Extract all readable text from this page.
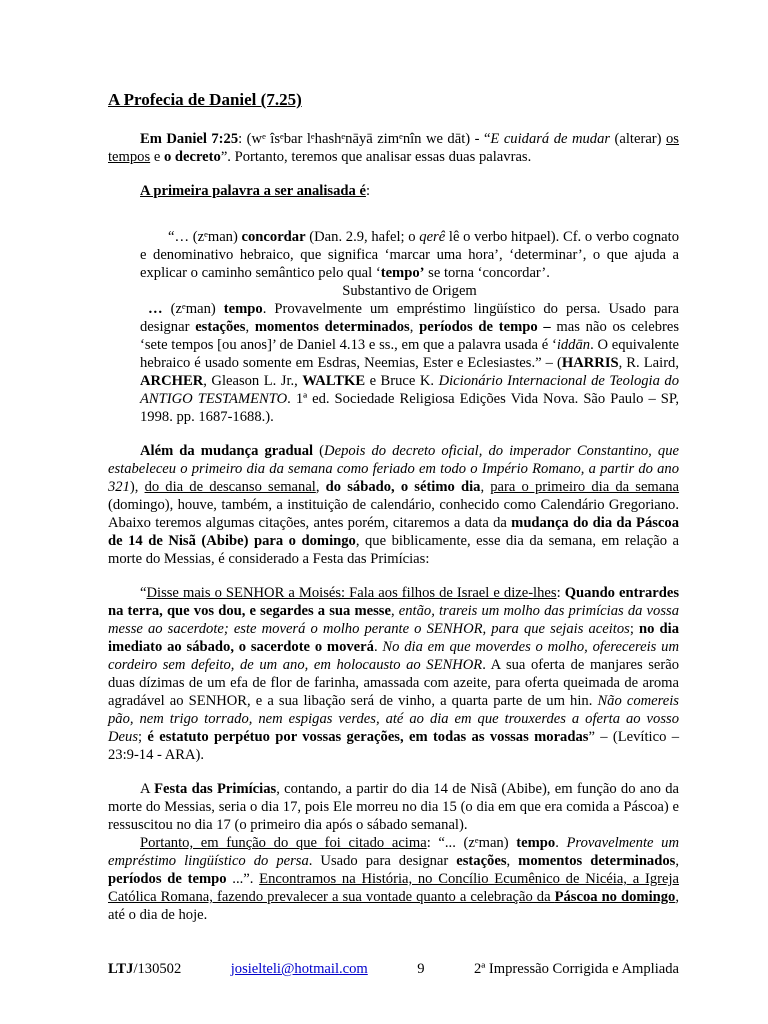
A Profecia de Daniel (7.25)

Em Daniel 7:25: (wᵉ îsᵉbar lᵉhashᵉnāyā zimᵉnîn we dāt) - “E cuidará de mudar (alterar) os tempos e o decreto”. Portanto, teremos que analisar essas duas palavras.

A primeira palavra a ser analisada é:

“… (zᵉman) concordar (Dan. 2.9, hafel; o qerê lê o verbo hitpael). Cf. o verbo cognato e denominativo hebraico, que significa ‘marcar uma hora’, ‘determinar’, o que ajuda a explicar o caminho semântico pelo qual ‘tempo’ se torna ‘concordar’.

Substantivo de Origem

… (zᵉman) tempo. Provavelmente um empréstimo lingüístico do persa. Usado para designar estações, momentos determinados, períodos de tempo – mas não os celebres ‘sete tempos [ou anos]’ de Daniel 4.13 e ss., em que a palavra usada é ‘iddān. O equivalente hebraico é usado somente em Esdras, Neemias, Ester e Eclesiastes.” – (HARRIS, R. Laird, ARCHER, Gleason L. Jr., WALTKE e Bruce K. Dicionário Internacional de Teologia do ANTIGO TESTAMENTO. 1ª ed. Sociedade Religiosa Edições Vida Nova. São Paulo – SP, 1998. pp. 1687-1688.).

Além da mudança gradual (Depois do decreto oficial, do imperador Constantino, que estabeleceu o primeiro dia da semana como feriado em todo o Império Romano, a partir do ano 321), do dia de descanso semanal, do sábado, o sétimo dia, para o primeiro dia da semana (domingo), houve, também, a instituição de calendário, conhecido como Calendário Gregoriano. Abaixo teremos algumas citações, antes porém, citaremos a data da mudança do dia da Páscoa de 14 de Nisã (Abibe) para o domingo, que biblicamente, esse dia da semana, em relação a morte do Messias, é considerado a Festa das Primícias:

“Disse mais o SENHOR a Moisés: Fala aos filhos de Israel e dize-lhes: Quando entrardes na terra, que vos dou, e segardes a sua messe, então, trareis um molho das primícias da vossa messe ao sacerdote; este moverá o molho perante o SENHOR, para que sejais aceitos; no dia imediato ao sábado, o sacerdote o moverá. No dia em que moverdes o molho, oferecereis um cordeiro sem defeito, de um ano, em holocausto ao SENHOR. A sua oferta de manjares serão duas dízimas de um efa de flor de farinha, amassada com azeite, para oferta queimada de aroma agradável ao SENHOR, e a sua libação será de vinho, a quarta parte de um hin. Não comereis pão, nem trigo torrado, nem espigas verdes, até ao dia em que trouxerdes a oferta ao vosso Deus; é estatuto perpétuo por vossas gerações, em todas as vossas moradas” – (Levítico – 23:9-14 - ARA).

A Festa das Primícias, contando, a partir do dia 14 de Nisã (Abibe), em função do ano da morte do Messias, seria o dia 17, pois Ele morreu no dia 15 (o dia em que era comida a Páscoa) e ressuscitou no dia 17 (o primeiro dia após o sábado semanal).

Portanto, em função do que foi citado acima: “... (zᵉman) tempo. Provavelmente um empréstimo lingüístico do persa. Usado para designar estações, momentos determinados, períodos de tempo ...”. Encontramos na História, no Concílio Ecumênico de Nicéia, a Igreja Católica Romana, fazendo prevalecer a sua vontade quanto a celebração da Páscoa no domingo, até o dia de hoje.

LTJ/130502	josielteli@hotmail.com	9	2ª Impressão Corrigida e Ampliada
